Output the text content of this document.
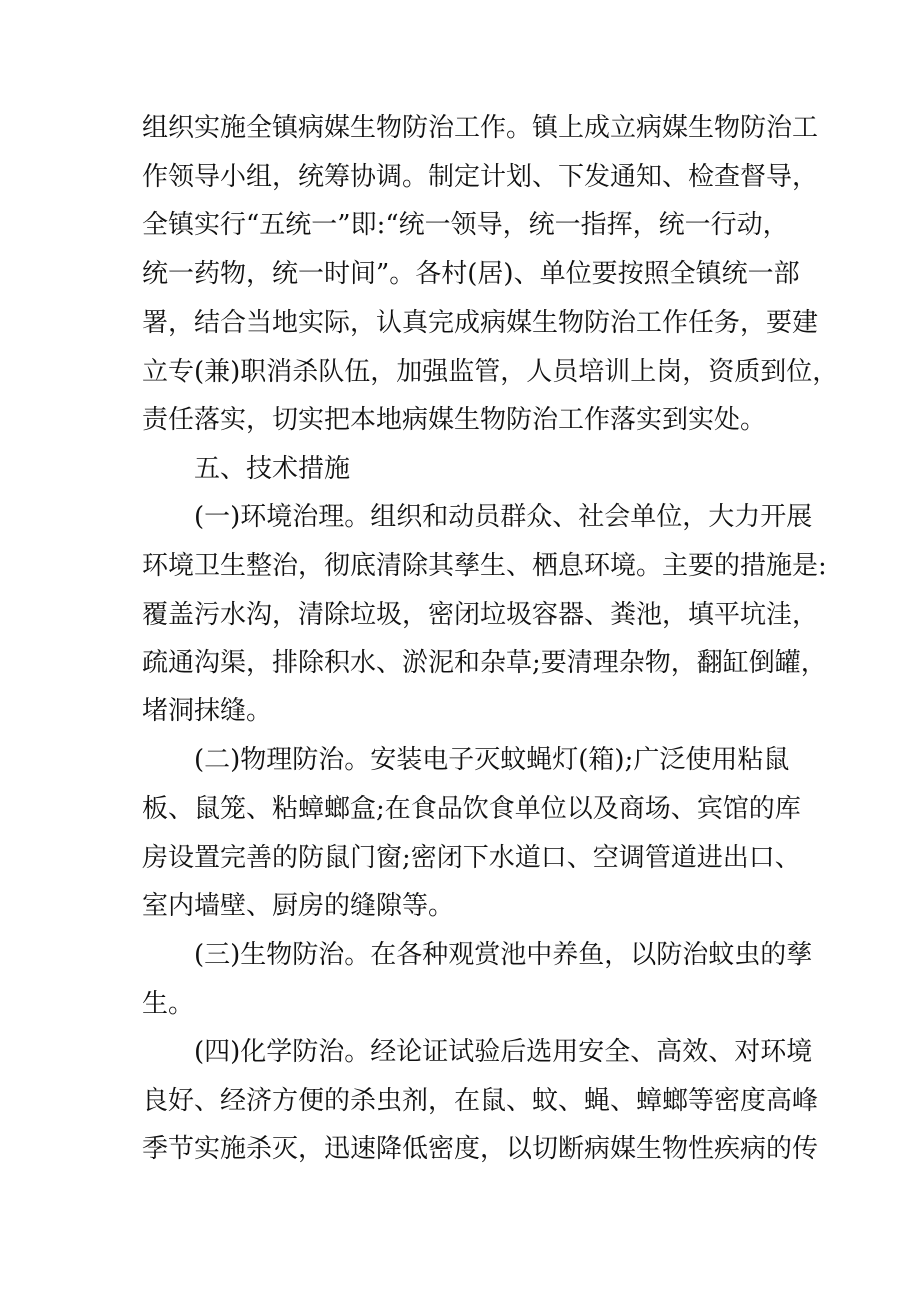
组织实施全镇病媒生物防治工作。镇上成立病媒生物防治工
作领导小组，统筹协调。制定计划、下发通知、检查督导，
全镇实行“五统一”即:“统一领导，统一指挥，统一行动，
统一药物，统一时间”。各村(居)、单位要按照全镇统一部
署，结合当地实际，认真完成病媒生物防治工作任务，要建
立专(兼)职消杀队伍，加强监管，人员培训上岗，资质到位，
责任落实，切实把本地病媒生物防治工作落实到实处。
五、技术措施
(一)环境治理。组织和动员群众、社会单位，大力开展
环境卫生整治，彻底清除其孳生、栖息环境。主要的措施是:
覆盖污水沟，清除垃圾，密闭垃圾容器、粪池，填平坑洼，
疏通沟渠，排除积水、淤泥和杂草;要清理杂物，翻缸倒罐，
堵洞抹缝。
(二)物理防治。安装电子灭蚊蝇灯(箱);广泛使用粘鼠
板、鼠笼、粘蟑螂盒;在食品饮食单位以及商场、宾馆的库
房设置完善的防鼠门窗;密闭下水道口、空调管道进出口、
室内墙壁、厨房的缝隙等。
(三)生物防治。在各种观赏池中养鱼，以防治蚊虫的孳
生。
(四)化学防治。经论证试验后选用安全、高效、对环境
良好、经济方便的杀虫剂，在鼠、蚊、蝇、蟑螂等密度高峰
季节实施杀灭，迅速降低密度，以切断病媒生物性疾病的传
